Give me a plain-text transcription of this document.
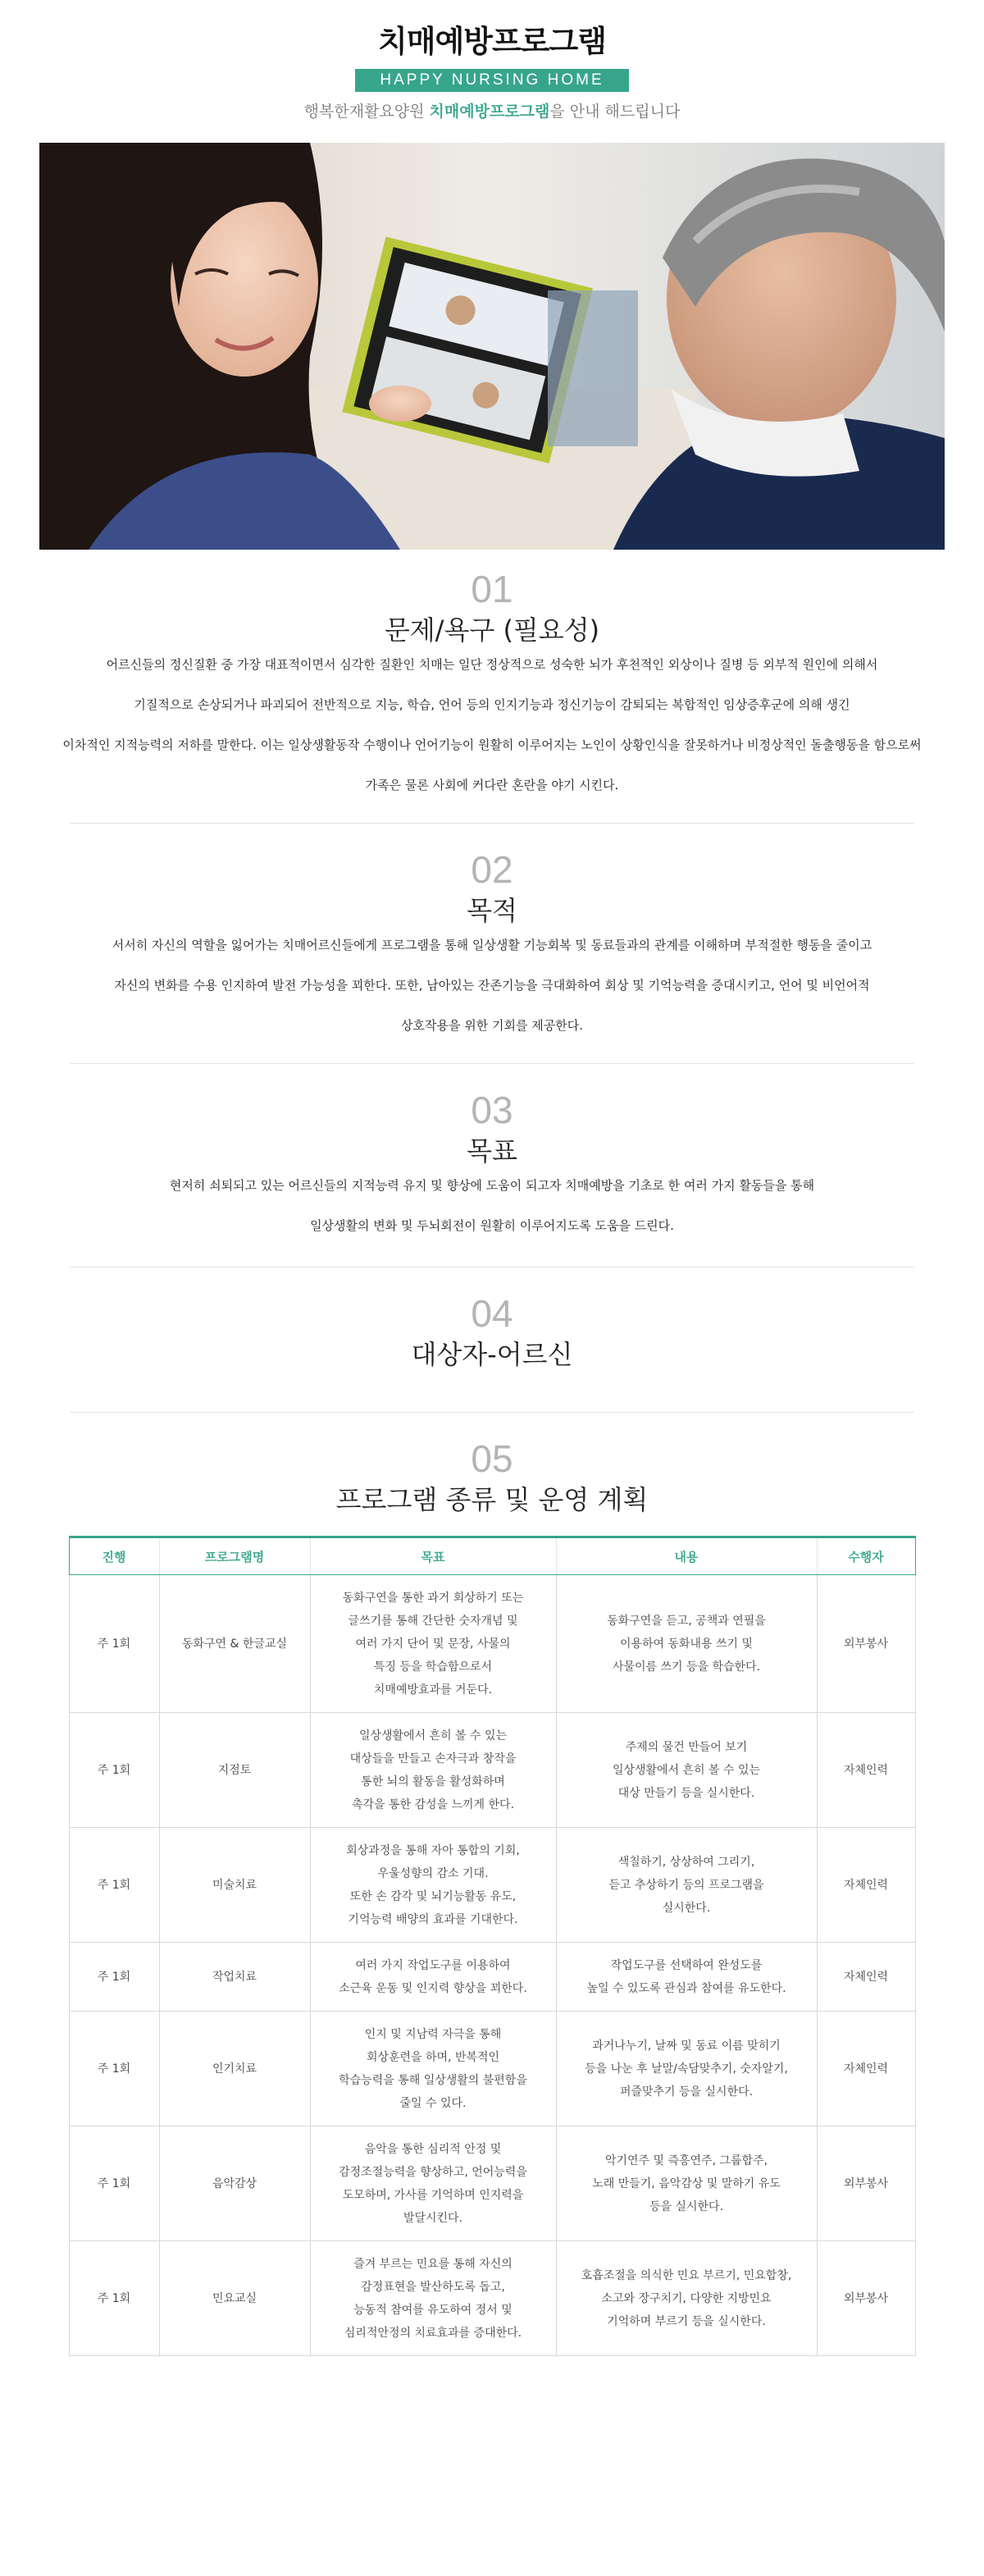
치매예방프로그램
HAPPY NURSING HOME
행복한재활요양원 치매예방프로그램을 안내 해드립니다
01
문제/욕구 (필요성)

어르신들의 정신질환 중 가장 대표적이면서 심각한 질환인 치매는 일단 정상적으로 성숙한 뇌가 후천적인 외상이나 질병 등 외부적 원인에 의해서

기질적으로 손상되거나 파괴되어 전반적으로 지능, 학습, 언어 등의 인지기능과 정신기능이 감퇴되는 복합적인 임상증후군에 의해 생긴

이차적인 지적능력의 저하를 말한다. 이는 일상생활동작 수행이나 언어기능이 원활히 이루어지는 노인이 상황인식을 잘못하거나 비정상적인 돌출행동을 함으로써

가족은 물론 사회에 커다란 혼란을 야기 시킨다.

02
목적

서서히 자신의 역할을 잃어가는 치매어르신들에게 프로그램을 통해 일상생활 기능회복 및 동료들과의 관계를 이해하며 부적절한 행동을 줄이고

자신의 변화를 수용 인지하여 발전 가능성을 꾀한다. 또한, 남아있는 잔존기능을 극대화하여 회상 및 기억능력을 증대시키고, 언어 및 비언어적

상호작용을 위한 기회를 제공한다.

03
목표

현저히 쇠퇴되고 있는 어르신들의 지적능력 유지 및 향상에 도움이 되고자 치매예방을 기초로 한 여러 가지 활동들을 통해

일상생활의 변화 및 두뇌회전이 원활히 이루어지도록 도움을 드린다.

04
대상자-어르신
05
프로그램 종류 및 운영 계획
진행	프로그램명	목표	내용	수행자
주 1회	동화구연 & 한글교실	동화구연을 통한 과거 회상하기 또는
글쓰기를 통해 간단한 숫자개념 및
여러 가지 단어 및 문장, 사물의
특징 등을 학습함으로서
치매예방효과를 거둔다.	동화구연을 듣고, 공책과 연필을
이용하여 동화내용 쓰기 및
사물이름 쓰기 등을 학습한다.	외부봉사
주 1회	지점토	일상생활에서 흔히 볼 수 있는
대상들을 만들고 손자극과 창작을
통한 뇌의 활동을 활성화하며
촉각을 통한 감성을 느끼게 한다.	주제의 물건 만들어 보기
일상생활에서 흔히 볼 수 있는
대상 만들기 등을 실시한다.	자체인력
주 1회	미술치료	회상과정을 통해 자아 통합의 기회,
우울성향의 감소 기대.
또한 손 감각 및 뇌기능활동 유도,
기억능력 배양의 효과를 기대한다.	색칠하기, 상상하여 그리기,
듣고 추상하기 등의 프로그램을
실시한다.	자체인력
주 1회	작업치료	여러 가지 작업도구를 이용하여
소근육 운동 및 인지력 향상을 꾀한다.	작업도구를 선택하여 완성도를
높일 수 있도록 관심과 참여를 유도한다.	자체인력
주 1회	인기치료	인지 및 지남력 자극을 통해
회상훈련을 하며, 반복적인
학습능력을 통해 일상생활의 불편함을
줄일 수 있다.	과거나누기, 날짜 및 동료 이름 맞히기
등을 나눈 후 날말/속담맞추기, 숫자알기,
퍼즐맞추기 등을 실시한다.	자체인력
주 1회	음악감상	음악을 통한 심리적 안정 및
감정조절능력을 향상하고, 언어능력을
도모하며, 가사를 기억하며 인지력을
발달시킨다.	악기연주 및 즉흥연주, 그룹합주,
노래 만들기, 음악감상 및 말하기 유도
등을 실시한다.	외부봉사
주 1회	민요교실	즐겨 부르는 민요를 통해 자신의
감정표현을 발산하도록 돕고,
능동적 참여를 유도하여 정서 및
심리적안정의 치료효과를 증대한다.	호흡조절을 의식한 민요 부르기, 민요합창,
소고와 장구치기, 다양한 지방민요
기억하며 부르기 등을 실시한다.	외부봉사
